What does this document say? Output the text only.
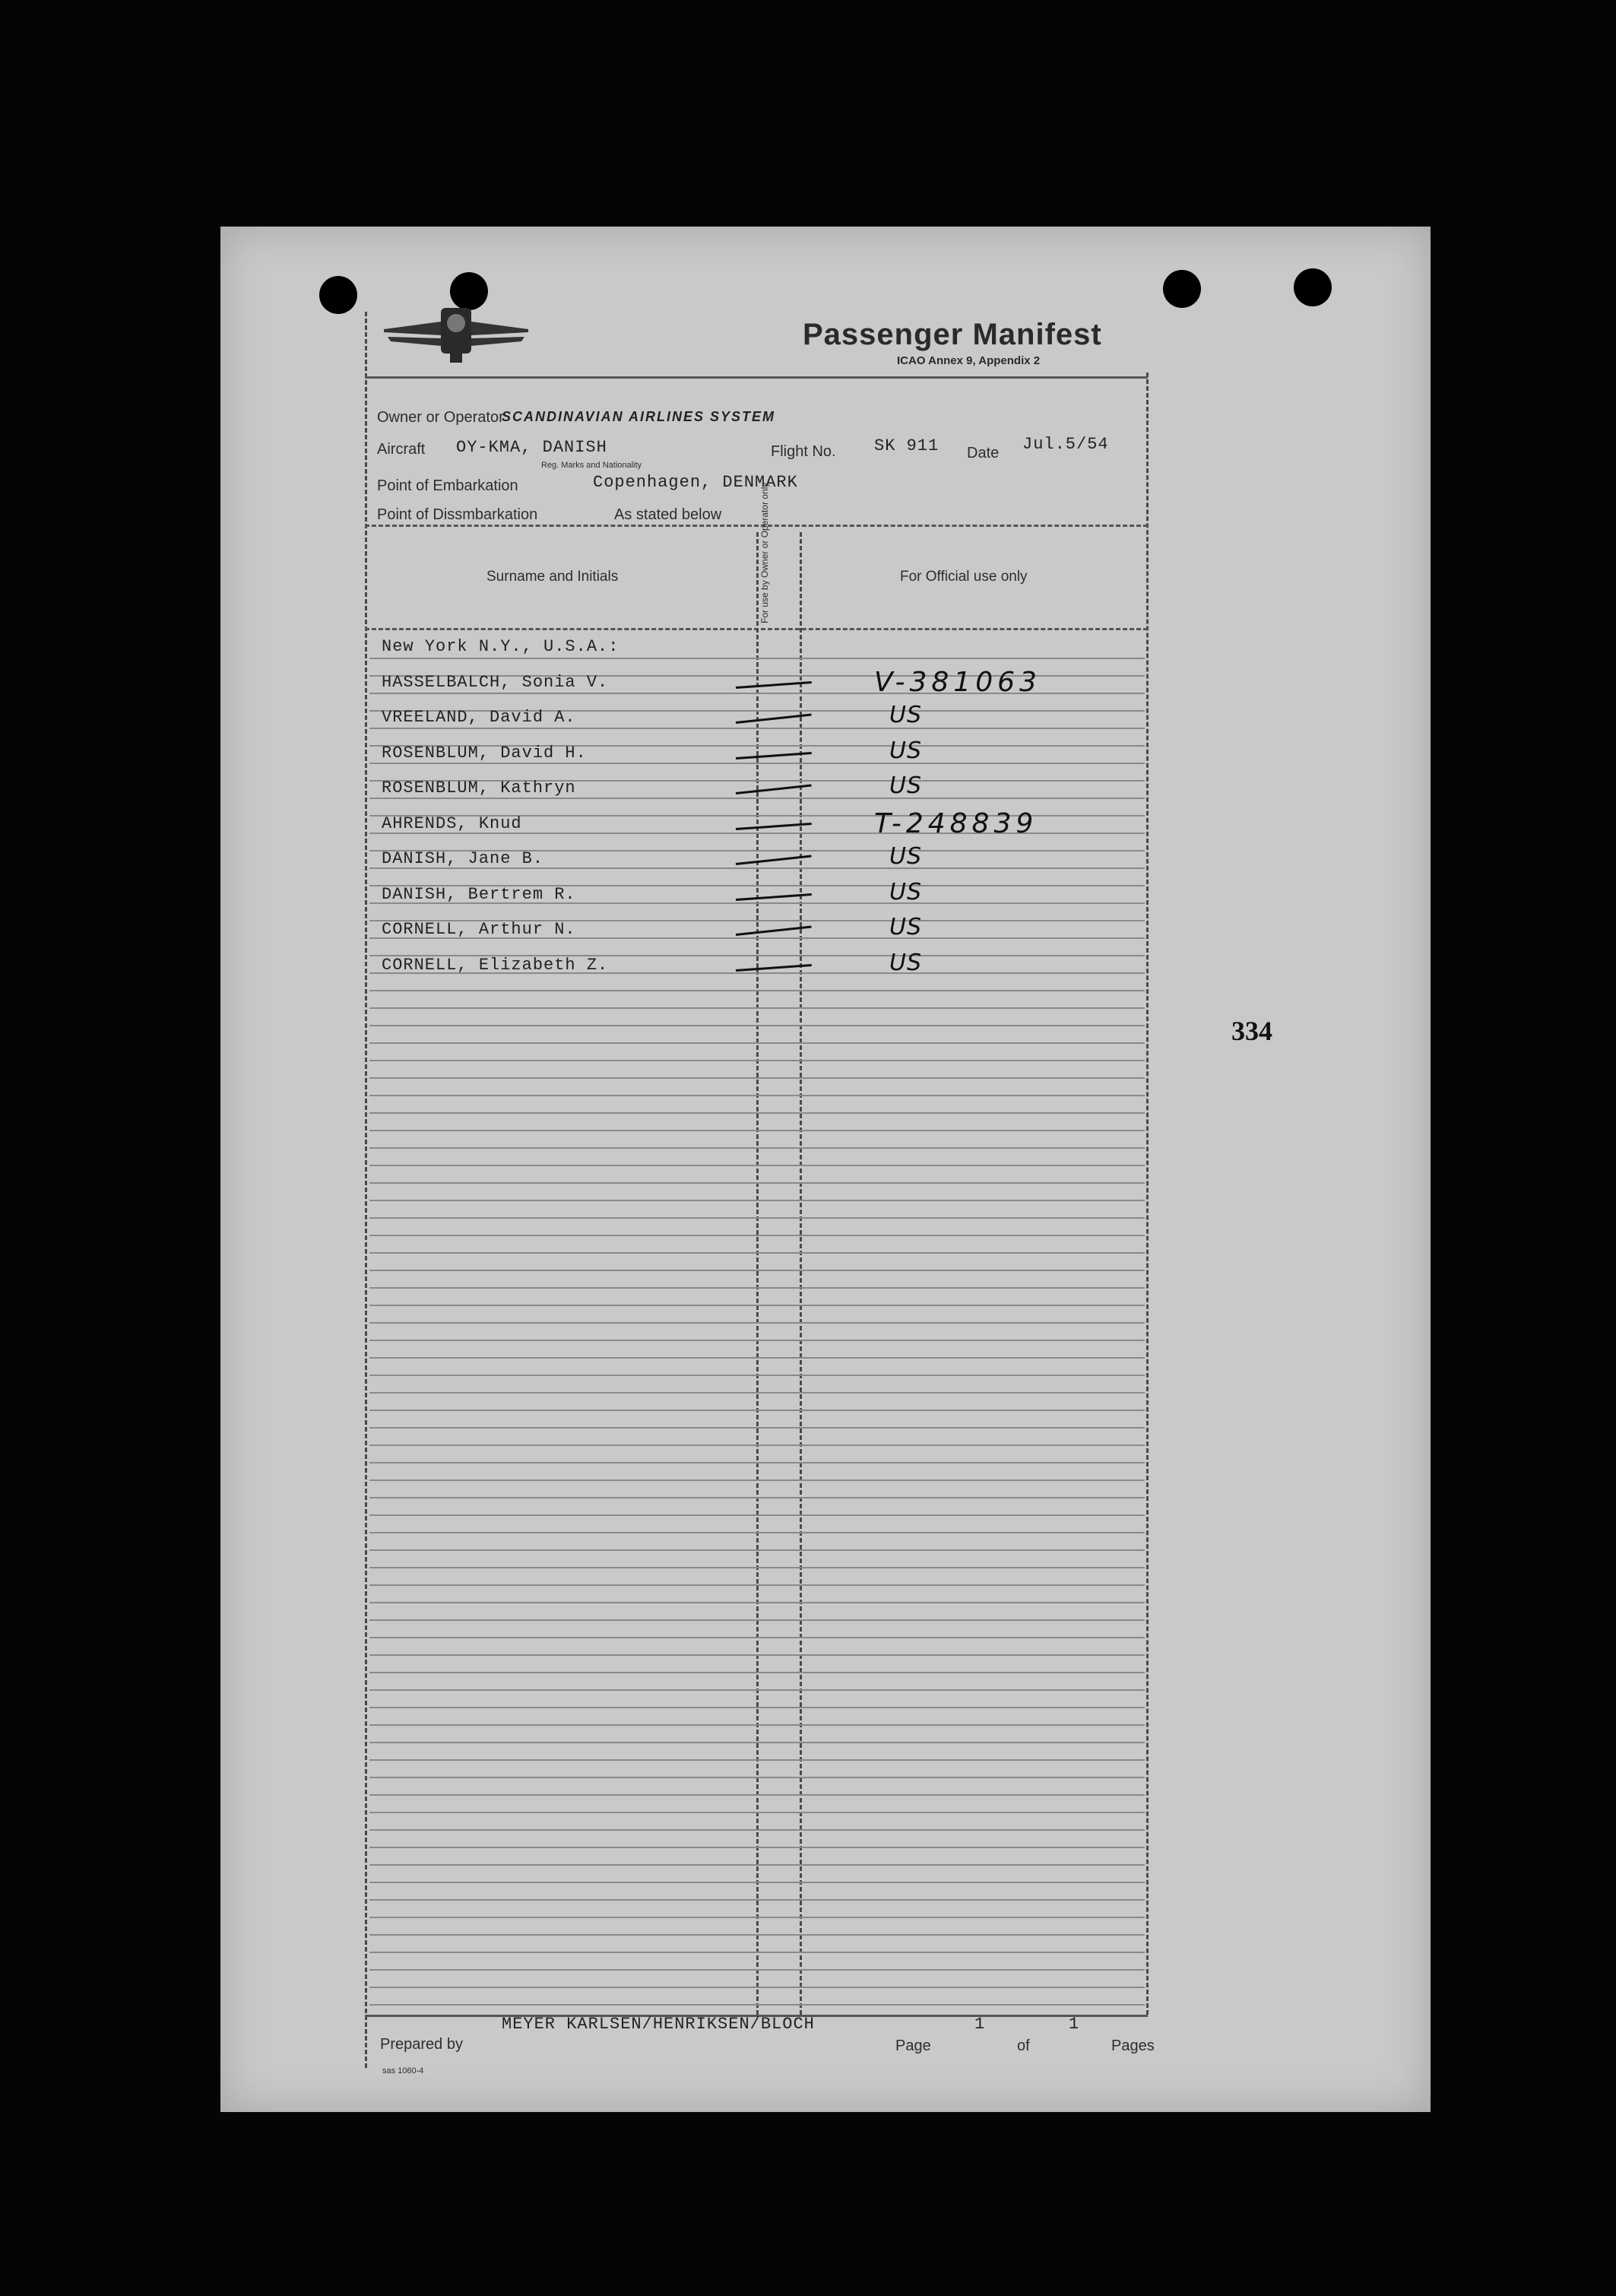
Passenger Manifest
ICAO Annex 9, Appendix 2
Owner or Operator
SCANDINAVIAN AIRLINES SYSTEM
Aircraft OY-KMA, DANISH
Reg. Marks and Nationality
Flight No. SK 911 Date Jul.5/54
Point of Embarkation	Copenhagen, DENMARK
Point of Dissmbarkation	As stated below
Surname and Initials	For use by Owner or Operator only	For Official use only
New York N.Y., U.S.A.:
HASSELBALCH, Sonia V.	V-381063
VREELAND, David A.	US
ROSENBLUM, David H.	US
ROSENBLUM, Kathryn	US
AHRENDS, Knud	T-248839
DANISH, Jane B.	US
DANISH, Bertrem R.	US
CORNELL, Arthur N.	US
CORNELL, Elizabeth Z.	US
334
Prepared by
MEYER KARLSEN/HENRIKSEN/BLOCH
Page
1
of
1
Pages
sas 1060-4
